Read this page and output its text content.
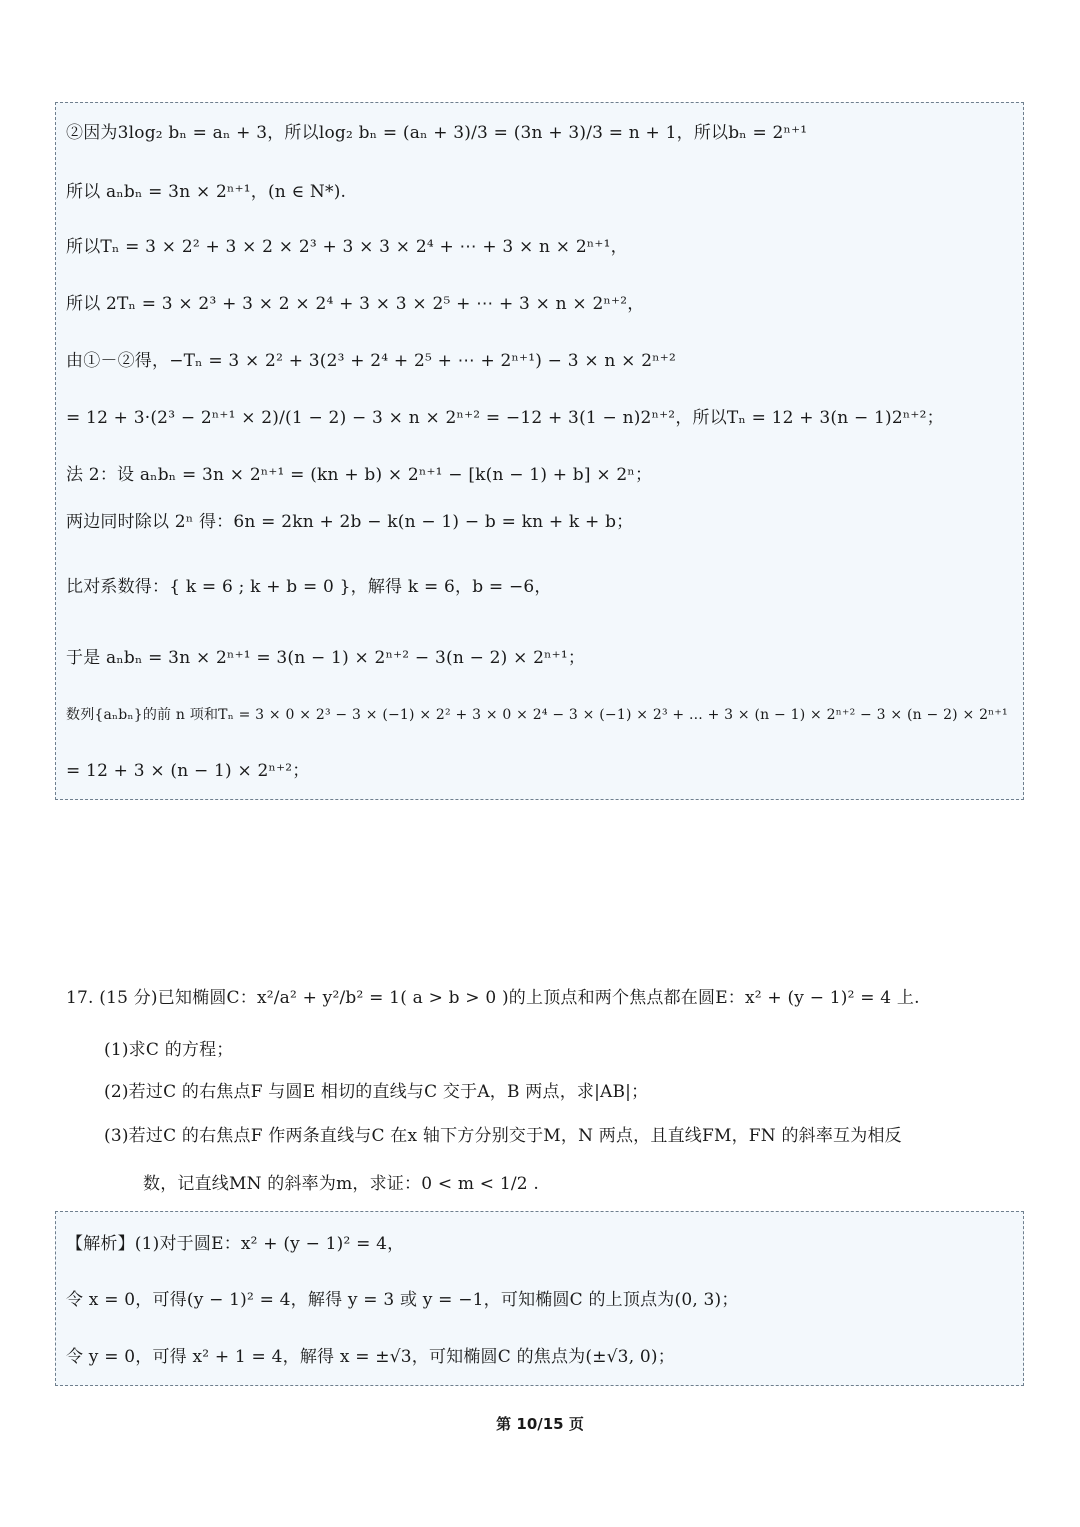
②因为3log₂ bₙ = aₙ + 3，所以log₂ bₙ = (aₙ + 3)/3 = (3n + 3)/3 = n + 1，所以bₙ = 2ⁿ⁺¹
所以 aₙbₙ = 3n × 2ⁿ⁺¹，(n ∈ N*).
所以Tₙ = 3 × 2² + 3 × 2 × 2³ + 3 × 3 × 2⁴ + ⋯ + 3 × n × 2ⁿ⁺¹，
所以 2Tₙ = 3 × 2³ + 3 × 2 × 2⁴ + 3 × 3 × 2⁵ + ⋯ + 3 × n × 2ⁿ⁺²，
由①－②得，−Tₙ = 3 × 2² + 3(2³ + 2⁴ + 2⁵ + ⋯ + 2ⁿ⁺¹) − 3 × n × 2ⁿ⁺²
= 12 + 3·(2³ − 2ⁿ⁺¹ × 2)/(1 − 2) − 3 × n × 2ⁿ⁺² = −12 + 3(1 − n)2ⁿ⁺²，所以Tₙ = 12 + 3(n − 1)2ⁿ⁺²；
法 2：设 aₙbₙ = 3n × 2ⁿ⁺¹ = (kn + b) × 2ⁿ⁺¹ − [k(n − 1) + b] × 2ⁿ；
两边同时除以 2ⁿ 得：6n = 2kn + 2b − k(n − 1) − b = kn + k + b；
比对系数得：{ k = 6 ; k + b = 0 }，解得 k = 6，b = −6，
于是 aₙbₙ = 3n × 2ⁿ⁺¹ = 3(n − 1) × 2ⁿ⁺² − 3(n − 2) × 2ⁿ⁺¹；
数列{aₙbₙ}的前 n 项和Tₙ = 3 × 0 × 2³ − 3 × (−1) × 2² + 3 × 0 × 2⁴ − 3 × (−1) × 2³ + ... + 3 × (n − 1) × 2ⁿ⁺² − 3 × (n − 2) × 2ⁿ⁺¹
= 12 + 3 × (n − 1) × 2ⁿ⁺²；
17. (15 分)已知椭圆C：x²/a² + y²/b² = 1( a > b > 0 )的上顶点和两个焦点都在圆E：x² + (y − 1)² = 4 上.
(1)求C 的方程；
(2)若过C 的右焦点F 与圆E 相切的直线与C 交于A，B 两点，求|AB|；
(3)若过C 的右焦点F 作两条直线与C 在x 轴下方分别交于M，N 两点，且直线FM，FN 的斜率互为相反
数，记直线MN 的斜率为m，求证：0 < m < 1/2 .
【解析】(1)对于圆E：x² + (y − 1)² = 4，
令 x = 0，可得(y − 1)² = 4，解得 y = 3 或 y = −1，可知椭圆C 的上顶点为(0, 3)；
令 y = 0，可得 x² + 1 = 4，解得 x = ±√3，可知椭圆C 的焦点为(±√3, 0)；
第 10/15 页
